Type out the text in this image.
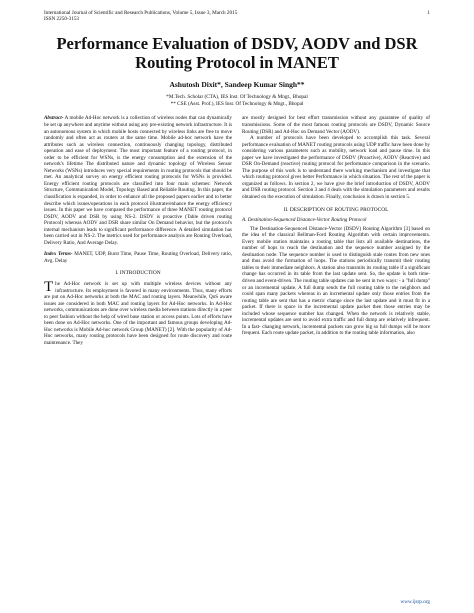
International Journal of Scientific and Research Publications, Volume 5, Issue 3, March 2015
ISSN 2250-3153
1
Performance Evaluation of DSDV, AODV and DSR Routing Protocol in MANET
Ashutosh Dixit*, Sandeep Kumar Singh**
*M.Tech. Scholar (CTA), IES Inst. Of Technology & Mngt., Bhopal
** CSE (Asst. Prof.), IES Inst. Of Technology & Mngt., Bhopal

Abstract- A mobile Ad-Hoc network is a collection of wireless nodes that can dynamically be set up anywhere and anytime without using any pre-existing network infrastructure. It is an autonomous system in which mobile hosts connected by wireless links are free to move randomly and often act as routers at the same time. Mobile ad-hoc network have the attributes such as wireless connection, continuously changing topology, distributed operation and ease of deployment. The most important feature of a routing protocol, in order to be efficient for WSNs, is the energy consumption and the extension of the network's lifetime The distributed nature and dynamic topology of Wireless Sensor Networks (WSNs) introduces very special requirements in routing protocols that should be met. An analytical survey on energy efficient routing protocols for WSNs is provided. Energy efficient routing protocols are classified into four main schemes: Network Structure, Communication Model, Topology Based and Reliable Routing. In this paper, the classification is expanded, in order to enhance all the proposed papers earlier and to better describe which issues/operations in each protocol illustrate/enhance the energy efficiency issues. In this paper we have compared the performance of three MANET routing protocol DSDV, AODV and DSR by using NS-2. DSDV is proactive (Table driven routing Protocol) whereas AODV and DSR share similar On Demand behavior, but the protocol's internal mechanism leads to significant performance difference. A detailed simulation has been carried out in NS-2. The metrics used for performance analysis are Routing Overload, Delivery Ratio, And Average Delay.

Index Terms- MANET, UDP, Burst Time, Pause Time, Routing Overload, Delivery ratio, Avg. Delay

I. INTRODUCTION

The Ad-Hoc network is set up with multiple wireless devices without any infrastructure. Its employment is favored in many environments. Thus, many efforts are put on Ad-Hoc networks at both the MAC and routing layers. Meanwhile, QoS aware issues are considered in both MAC and routing layers for Ad-Hoc networks. In Ad-Hoc networks, communications are done over wireless media between stations directly in a peer to peer fashion without the help of wired base station or access points. Lots of efforts have been done on Ad-Hoc networks. One of the important and famous groups developing Ad-Hoc networks is Mobile Ad-hoc network Group (MANET) [2]. With the popularity of Ad-Hoc networks, many routing protocols have been designed for route discovery and route maintenance. They

are mostly designed for best effort transmission without any guarantee of quality of transmissions. Some of the most famous routing protocols are DSDV, Dynamic Source Routing (DSR) and Ad-Hoc on Demand Vector (AODV).

A number of protocols have been developed to accomplish this task. Several performance evaluation of MANET routing protocols using UDP traffic have been done by considering various parameters such as mobility, network load and pause time. In this paper we have investigated the performance of DSDV (Proactive), AODV (Reactive) and DSR On-Demand (reactive) routing protocol for performance comparison in the scenario. The purpose of this work is to understand there working mechanism and investigate that which routing protocol gives better Performance in which situation. The rest of the paper is organized as follows. In section 2, we have give the brief introduction of DSDV, AODV and DSR routing protocol. Section 3 and 4 deals with the simulation parameters and results obtained on the execution of simulation. Finally, conclusion is drawn in section 5.

II. DESCRIPTION OF ROUTING PROTOCOL
A. Destination-Sequenced Distance-Vector Routing Protocol

The Destination-Sequenced Distance-Vector (DSDV) Routing Algorithm [3] based on the idea of the classical Bellman-Ford Routing Algorithm with certain improvements. Every mobile station maintains a routing table that lists all available destinations, the number of hops to reach the destination and the sequence number assigned by the destination node. The sequence number is used to distinguish stale routes from new ones and thus avoid the formation of loops. The stations periodically transmit their routing tables to their immediate neighbors. A station also transmits its routing table if a significant change has occurred in its table from the last update sent. So, the update is both time-driven and event-driven. The routing table updates can be sent in two ways: - a "full dump" or an incremental update. A full dump sends the full routing table to the neighbors and could span many packets whereas in an incremental update only those entries from the routing table are sent that has a metric change since the last update and it must fit in a packet. If there is space in the incremental update packet then those entries may be included whose sequence number has changed. When the network is relatively stable, incremental updates are sent to avoid extra traffic and full dump are relatively infrequent. In a fast- changing network, incremental packets can grow big so full dumps will be more frequent. Each route update packet, in addition to the routing table information, also

www.ijsrp.org
